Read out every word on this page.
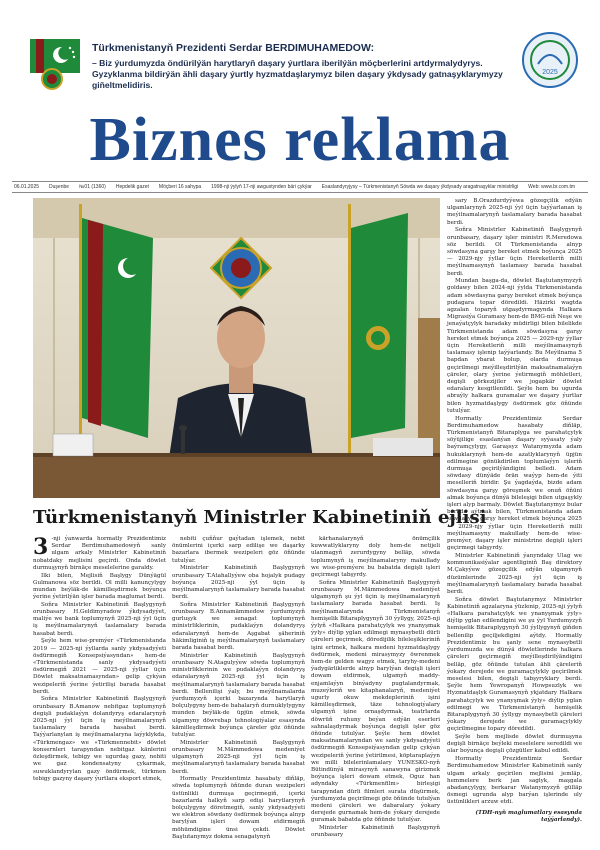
Türkmenistanyň Prezidenti Serdar BERDIMUHAMEDOW:
– Biz ýurdumyzda öndürilýän harytlaryň daşary ýurtlara iberilýän möçberlerini artdyrmalydyrys. Gyzyklanma bildirýän ähli daşary ýurtly hyzmatdaşlarymyz bilen daşary ýkdysady gatnaşyklarymyzy giňeltmelidiris.
2025
Biznes reklama
06.01.2025 Duşenbe №01 (1360) Hepdelik gazet Möçberi 16 sahypa 1998-nji ýylyň 17-nji awgustynden bäri çykýar Esaslandyryjysy – Türkmenistanyň Söwda we daşary ýkdysady aragatnaşyklar ministrligi Web: www.br.com.tm
Türkmenistanyň Ministrler Kabinetiniň ejlisi

3 -nji ýanwarda hormatly Prezidentimiz Serdar Berdimuhamedowyň sanly ulgam arkaly Ministrler Kabinetiniň nobatdaky mejlisini geçirdi. Onda döwlet durmuşynyň birnäçe meselelerine garaldy.

Ilki bilen, Mejlisiň Başlygy Dünýägül Gulmanowa söz berildi. Ol milli kanunçylygy mundan beýläk-de kämilleşdirmek boýunça ýerine ýetirilýän işler barada maglumat berdi.

Soňra Ministrler Kabinetiniň Başlygynyň orunbasary H.Geldimyradow ýkdysadyýet, maliýe we bank toplumynyň 2025-nji ýyl üçin iş meýilnamalarynyň taslamalary barada hasabat berdi.

Şeýle hem wise-premýer «Türkmenistanda 2019 — 2025-nji ýyllarda sanly ykdysadyýeti ösdürmegiň Konsepsiýasyndan» hem-de «Türkmenistanda sanly ykdysadyýeti ösdürmegiň 2021 — 2025-nji ýyllar üçin Döwlet maksatnamasyndan» gelip çykýan wezipeleriň ýerine ýetirilişi barada hasabat berdi.

Soňra Ministrler Kabinetiniň Başlygynyň orunbasary B.Amanow nebitgaz toplumynyň degişli pudaklaýyn dolandyryş edaralarynyň 2025-nji ýyl üçin iş meýilnamalarynyň taslamalary barada hasabat berdi. Taýýarlanylan iş meýilnamalaryna laýyklykda, «Türkmengaz» we «Türkmennebit» döwlet konsernleri tarapyndan nebitgaz känlerini özleşdirmek, tebigy we ugurdaş gazy, nebiti we gaz kondensatyny çykarmak, suwuklandyrylan gazy öndürmek, türkmen tebigy gazyny daşary ýurtlara eksport etmek,

nebiti çuňňur gaýtadan işlemek, nebit önümlerini içerki sarp edilişe we daşarky bazarlara ibermek wezipeleri göz öňünde tutulýar.

Ministrler Kabinetiniň Başlygynyň orunbasary T.Atahallyýew oba hojalyk pudagy boýunça 2025-nji ýyl üçin iş meýilnamalarynyň taslamalary barada hasabat berdi.

Soňra Ministrler Kabinetiniň Başlygynyň orunbasary B.Annamämmedow ýurdumyzyň gurluşyk we senagat toplumynyň ministrliklerinin, pudaklaýyn dolandyryş edaralarynyň hem-de Aşgabat şäheriniň häkimliginiň iş meýilnamalarynyň taslamalary barada hasabat berdi.

Ministrler Kabinetiniň Başlygynyň orunbasary N.Atagulyýew söwda toplumynyň ministrliklerinin we pudaklaýyn dolandyryş edaralarynyň 2025-nji ýyl üçin iş meýilnamalarynyň taslamalary barada hasabat berdi. Bellenilişi ýaly, bu meýilnamalarda ýurdumyzyň içerki bazarynda harytlaryň bolçulygyny hem-de bahalaryň durnuklylygyny munden beýläk-de üpjün etmek, söwda ulgamyny döwrebap tehnologiýalar esasynda kämilleşdirmek boýunça çäreler göz öňünde tutulýar.

Ministrler Kabinetiniň Başlygynyň orunbasary M.Mämmedowa medeniýet ulgamynyň 2025-nji ýyl üçin iş meýilnamalarynyň taslamalary barada hasabat berdi.

Hormatly Prezidentimiz hasabaty diňläp, söwda toplumynyň öňünde duran wezipeleri üstünlikli durmuşa geçirmegiň, içerki bazarlarda halkyň sarp edişi harytlarynyň bolçulygyny döretmegiň, sanly ykdysadyýeti we elektron söwdany ösdürmek boýunça alnyp barylýan işleri dowam etdirmegiň möhümdigine ünsi çekdi. Döwlet Baştutanymyz dokma senagatynyň

kärhanalarynyň önümçilik kuwwatlyklaryny doly hem-de netijeli ulanmagyň zerurdygyny belläp, söwda toplumynyň iş meýilnamalaryny makullady we wise-premýere bu babatda degişli işleri geçirmegi tabşyrdy.

Soňra Ministrler Kabinetiniň Başlygynyň orunbasary M.Mämmedowa medeniýet ulgamynyň şu ýyl üçin iş meýilnamalarynyň taslamalary barada hasabat berdi. Iş meýilnamalarynda Türkmenistanyň hemişelik Bitaraplygynyň 30 ýyllygy, 2025-nji ýylyň «Halkara parahatçylyk we ynanyşmak ýyly» diýlip yglan edilmegi mynasybetli dürli çäreleri geçirmek, döredijilik bileleşikleriniň işini ertmek, halkara medeni hyzmatdaşlygy ösdürmek, medeni mirasymyzy öwrenmek hem-de gelden wagyz etmek, taryhy-medeni ýadygärliklerde alnyp barylýan degişli işleri dowam etdirmek, ulgamyň maddy-enjamlaýyn binýadyny pugtalandyrmak, muzeýleriň we kitaphanalaryň, medeniýet ugurly okuw mekdepleriniň işini kämilleşdirmek, täze tehnologiýalary ulgamyň işine ornaşdyrmak, teatrlarda döwrüň ruhuny beýan edýän eserleri sahnalaşdyrmak boýunça degişli işler göz öňünde tutulýar. Şeýle hem döwlet maksatnamalaryndan we sanly ykdysadyýeti ösdürmegiň Konsepsiýasyndan gelip çykýan wezipeleriň ýerine ýetirilmesi, köptaraplaýyn we milli bilelerinlamalary YUNESKO-nyň Bütindünýä mirasynyň sanawyna girizmek boýunça işleri dowam etmek, Oguz han adyndaky «Türkmenfilm» birleşigi tarapyndan dürli filmleri surata düşürmek, ýurdumyzda geçirilmegi göz öňünde tutulýan medeni çäreleri we dabaralary ýokary derejede gurnamak hem-de ýokary derejede guramak babatda göz öňünde tutulýar.

Ministrler Kabinetiniň Başlygynyň orunbasary

sary B.Orazdurdyýewa gözegçilik edýän ulgamlarynyň 2025-nji ýyl üçin taýýarlanan iş meýilnamalarynyň taslamalary barada hasabat berdi.

Soňra Ministrler Kabinetiniň Başlygynyň orunbasary, daşary işler ministri R.Meredowa söz berildi. Ol Türkmenistanda alnyp söwdasyna garşy bereket etmek boýunça 2025 — 2029-njy ýyllar üçin Hereketleriň milli meýilnamasynyň taslamasy barada hasabat berdi.

Mundan başga-da, döwlet Baştutanymyzyň goldawy bilen 2024-nji ýylda Türkmenistanda adam söwdasyna garşy bereket etmek boýunça pudagara topar döredildi. Häzirki wagtda agzalan toparyň utgaşdyrmagynda Halkara Migrasiýa Guramasy hem-de BMG-niň Neşe we jenaýatçylyk baradaky müdirligi bilen bilelikde Türkmenistanda adam söwdasyna garşy hereket etmek boýunça 2025 — 2029-njy ýyllar üçin Hereketleriň milli meýilnamasynyň taslamasy işlenip taýýarlandy. Bu Meýilnama 5 bapdan ybarat bolup, olarda durmuşa geçirilmegi meýilleşdirilýän maksatnamalaýyn çäreler, olary ýerine ýetirmegiň möhletleri, degişli görkezijiler we jogapkär döwlet edaralary kesgitlenildi. Şeýle hem bu ugurda abraýly halkara guramalar we daşary ýurtlar bilen hyzmatdaşlygy ösdürmek göz öňünde tutulýar.

Hormatly Prezidentimiz Serdar Berdimuhamedow hasabaty diňläp, Türkmenistanyň Bitaraplyga we parahatçylyk söýüjilige esaslanýan daşary syýasaty ýaly baýramçylygy, Garaşsyz Watanymyzda adam hukuklarynyň hem-de azatlyklarynyň üpjün edilmegine gönükdirilen toplumlaýyn işleriň durmuşa geçirilýändigini belledi. Adam söwdasy dünýäde örän waýyp hem-de ýiti meselleriň biridir. Şu ýagdaýda, bizde adam söwdasyna garşy göreşmek we onuň öňüni almak boýunça dünýä bileleşigi bilen utgaşykly işleri alyp barmaly. Döwlet Baştutanymyz bular barada aýtmak bilen, Türkmenistanda adam söwdasyna garşy hereket etmek boýunça 2025 — 2029-njy ýyllar üçin Hereketleriň milli meýilnamasyny makullady hem-de wise-premýer, daşary işler ministrine degişli işleri geçirmegi tabşyrdy.

Ministrler Kabinetiniň ýanyndaky Ulag we kommunikasiýalar agentliginiň Baş direktory M.Çakyýew gözegçilik edýän ulgamynyň düzümlerinde 2025-nji ýyl üçin iş meýilnamalarynyň taslamalary barada hasabat berdi.

Soňra döwlet Baştutanymyz Ministrler Kabinetiniň agzalaryna ýüzlenip, 2025-nji ýylyň «Halkara parahatçylyk we ynanyşmak ýyly» diýlip yglan edilendigini we şu ýyl Ýurdumyzyň hemişelik Bitaraplygynyň 30 ýyllygynyň giňden bellenilip geçiljekdigini aýtdy. Hormatly Prezidentimiz bu şanly sene mynasybetli ýurdumuzda we dünýä döwletlerinde halkara çäreleri geçirmegiň meýilleşdirilýändigini belläp, göz öňünde tutulan ähli çäreleriň ýokary derejede we guramaçylykly geçirilmek meselesi bilen, degişli tabşyryklary berdi. Şeýle hem Ýewropanyň Howpsuzlyk we Hyzmatdaşlyk Guramasynyň ykjatdary Halkara parahatçylyk we ynanyşmak ýyly» diýlip yglan edilmegi we Türkmenistanyň hemişelik Bitaraplygynyň 30 ýyllygy mynasybetli çäreleri ýokary derejede we guramaçylykly geçirilmegine topary döredildi.

Şeýle hem mejlisde döwlet durmuşyna degişli birnäçe beýleki meselelere seredildi we olar boýunça degişli çözgütler kabul edildi.

Hormatly Prezidentimiz Serdar Berdimuhamedow Ministrler Kabinetiniň sanly ulgam arkaly geçirilen mejlisini jemläp, hemmelere berk jan saglyk, maşgala abadançylygy, berkarar Watanymyzyň gülläp ösmegi ugrunda alyp barýan işlerinde uly üstünlikleri arzuw etdi.

(TDH-nyň maglumatlary esasynda taýýarlandy).
